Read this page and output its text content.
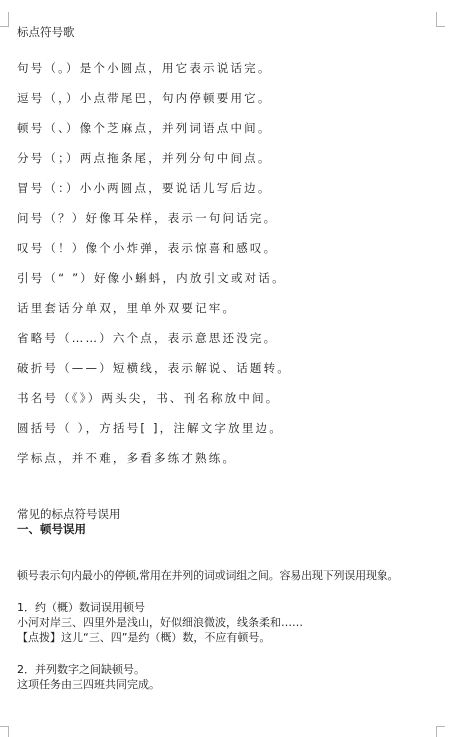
标点符号歌
句号（。）是个小圆点，用它表示说话完。
逗号（，）小点带尾巴，句内停顿要用它。
顿号（、）像个芝麻点，并列词语点中间。
分号（；）两点拖条尾，并列分句中间点。
冒号（：）小小两圆点，要说话儿写后边。
问号（？）好像耳朵样，表示一句问话完。
叹号（！）像个小炸弹，表示惊喜和感叹。
引号（“ ”）好像小蝌蚪，内放引文或对话。
话里套话分单双，里单外双要记牢。
省略号（……）六个点，表示意思还没完。
破折号（——）短横线，表示解说、话题转。
书名号（《》）两头尖，书、刊名称放中间。
圆括号（ ），方括号[ ]，注解文字放里边。
学标点，并不难，多看多练才熟练。
常见的标点符号误用
一、顿号误用
顿号表示句内最小的停顿,常用在并列的词或词组之间。容易出现下列误用现象。
1．约（概）数词误用顿号
小河对岸三、四里外是浅山，好似细浪微波，线条柔和……
【点拨】这儿“三、四”是约（概）数，不应有顿号。
2．并列数字之间缺顿号。
这项任务由三四班共同完成。
